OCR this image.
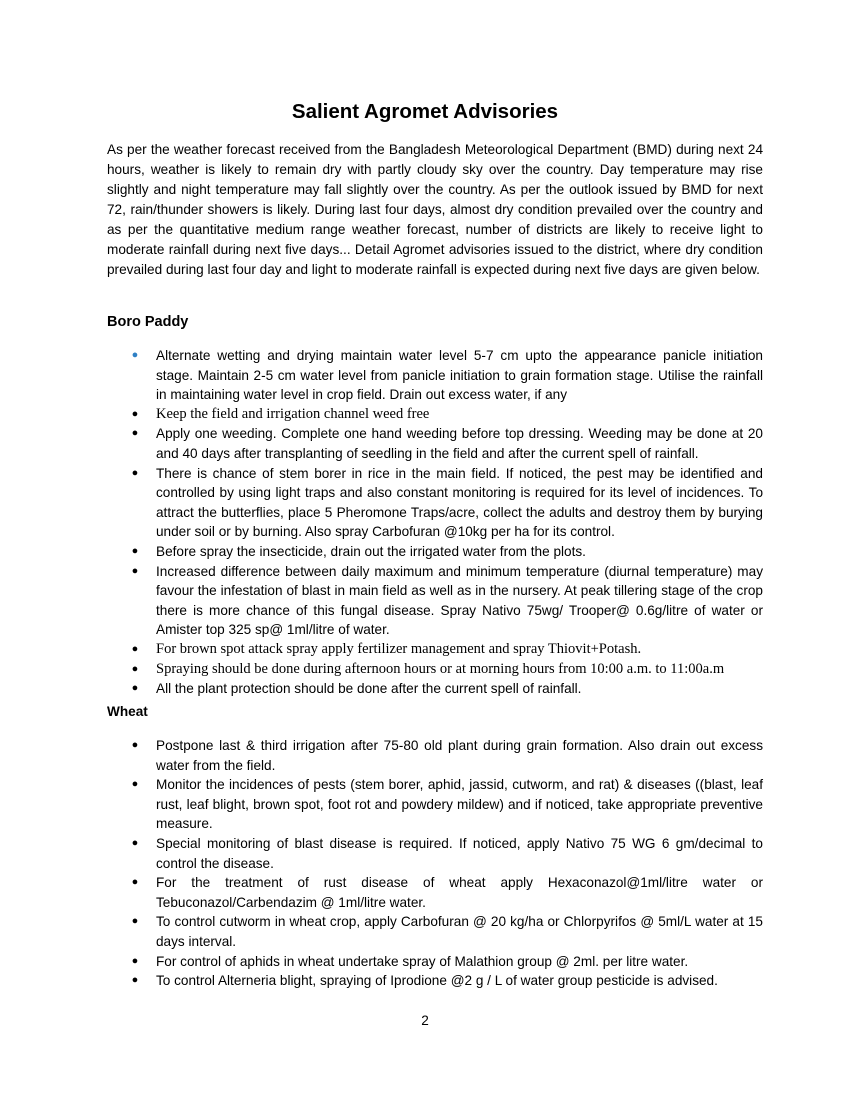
Salient Agromet Advisories

As per the weather forecast received from the Bangladesh Meteorological Department (BMD) during next 24 hours, weather is likely to remain dry with partly cloudy sky over the country. Day temperature may rise slightly and night temperature may fall slightly over the country. As per the outlook issued by BMD for next 72, rain/thunder showers is likely. During last four days, almost dry condition prevailed over the country and as per the quantitative medium range weather forecast, number of districts are likely to receive light to moderate rainfall during next five days... Detail Agromet advisories issued to the district, where dry condition prevailed during last four day and light to moderate rainfall is expected during next five days are given below.

Boro Paddy
● Alternate wetting and drying maintain water level 5-7 cm upto the appearance panicle initiation stage. Maintain 2-5 cm water level from panicle initiation to grain formation stage. Utilise the rainfall in maintaining water level in crop field. Drain out excess water, if any
● Keep the field and irrigation channel weed free
● Apply one weeding. Complete one hand weeding before top dressing. Weeding may be done at 20 and 40 days after transplanting of seedling in the field and after the current spell of rainfall.
● There is chance of stem borer in rice in the main field. If noticed, the pest may be identified and controlled by using light traps and also constant monitoring is required for its level of incidences. To attract the butterflies, place 5 Pheromone Traps/acre, collect the adults and destroy them by burying under soil or by burning. Also spray Carbofuran @10kg per ha for its control.
● Before spray the insecticide, drain out the irrigated water from the plots.
● Increased difference between daily maximum and minimum temperature (diurnal temperature) may favour the infestation of blast in main field as well as in the nursery. At peak tillering stage of the crop there is more chance of this fungal disease. Spray Nativo 75wg/ Trooper@ 0.6g/litre of water or Amister top 325 sp@ 1ml/litre of water.
● For brown spot attack spray apply fertilizer management and spray Thiovit+Potash.
● Spraying should be done during afternoon hours or at morning hours from 10:00 a.m. to 11:00a.m
● All the plant protection should be done after the current spell of rainfall.
Wheat
● Postpone last & third irrigation after 75-80 old plant during grain formation. Also drain out excess water from the field.
● Monitor the incidences of pests (stem borer, aphid, jassid, cutworm, and rat) & diseases ((blast, leaf rust, leaf blight, brown spot, foot rot and powdery mildew) and if noticed, take appropriate preventive measure.
● Special monitoring of blast disease is required. If noticed, apply Nativo 75 WG 6 gm/decimal to control the disease.
● For the treatment of rust disease of wheat apply Hexaconazol@1ml/litre water or Tebuconazol/Carbendazim @ 1ml/litre water.
● To control cutworm in wheat crop, apply Carbofuran @ 20 kg/ha or Chlorpyrifos @ 5ml/L water at 15 days interval.
● For control of aphids in wheat undertake spray of Malathion group @ 2ml. per litre water.
● To control Alterneria blight, spraying of Iprodione @2 g / L of water group pesticide is advised.
2
